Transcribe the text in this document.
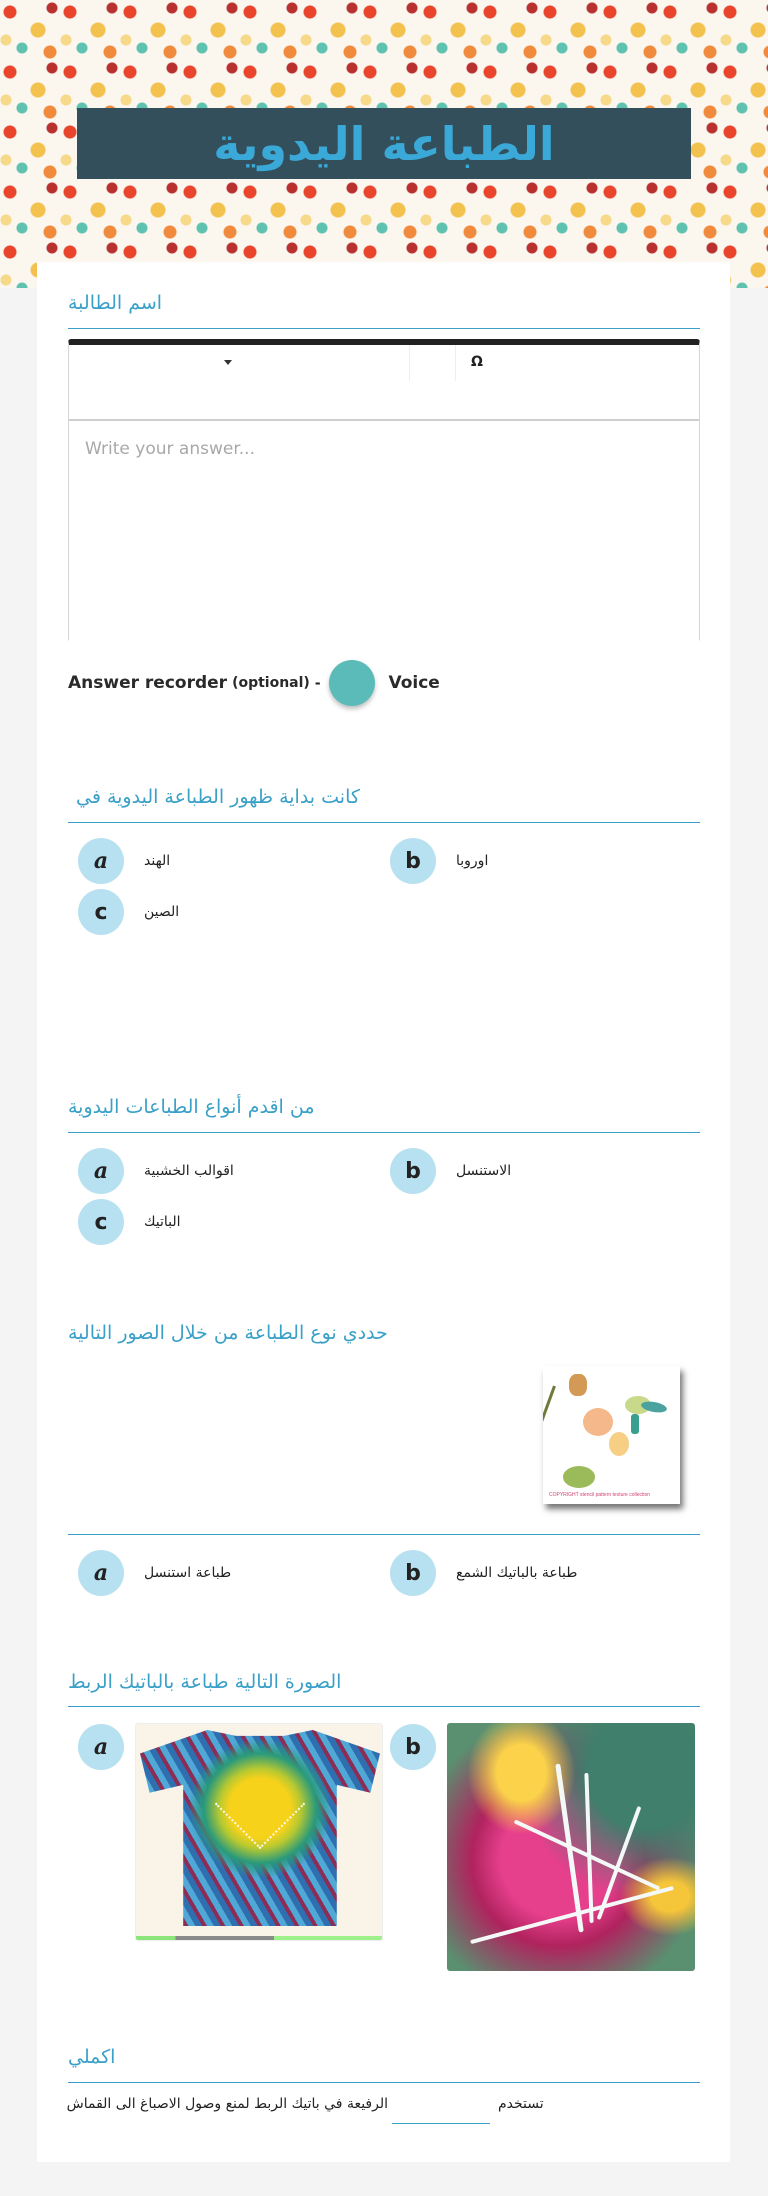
الطباعة اليدوية
اسم الطالبة
Ω
Write your answer...
Answer recorder (optional) -	Voice
كانت بداية ظهور الطباعة اليدوية في
a	الهند	b	اوروبا
c	الصين
من اقدم أنواع الطباعات اليدوية
a	اقوالب الخشبية	b	الاستنسل
c	الباتيك
حددي نوع الطباعة من خلال الصور التالية
COPYRIGHT stencil pattern texture collection
a	طباعة استنسل	b	طباعة بالباتيك الشمع
الصورة التالية طباعة بالباتيك الربط
a	b
اكملي
تستخدم
الرفيعة في باتيك الربط لمنع وصول الاصباغ الى القماش
